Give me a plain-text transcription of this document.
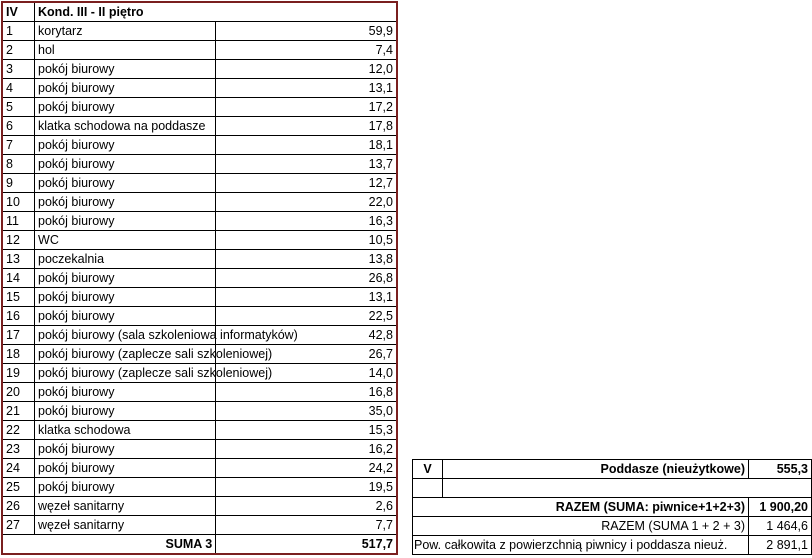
IV	Kond. III - II piętro	
1	korytarz	59,9
2	hol	7,4
3	pokój biurowy	12,0
4	pokój biurowy	13,1
5	pokój biurowy	17,2
6	klatka schodowa na poddasze	17,8
7	pokój biurowy	18,1
8	pokój biurowy	13,7
9	pokój biurowy	12,7
10	pokój biurowy	22,0
11	pokój biurowy	16,3
12	WC	10,5
13	poczekalnia	13,8
14	pokój biurowy	26,8
15	pokój biurowy	13,1
16	pokój biurowy	22,5
17	pokój biurowy (sala szkoleniowa informatyków)	42,8
18	pokój biurowy (zaplecze sali szkoleniowej)	26,7
19	pokój biurowy (zaplecze sali szkoleniowej)	14,0
20	pokój biurowy	16,8
21	pokój biurowy	35,0
22	klatka schodowa	15,3
23	pokój biurowy	16,2
24	pokój biurowy	24,2
25	pokój biurowy	19,5
26	węzeł sanitarny	2,6
27	węzeł sanitarny	7,7
SUMA 3		517,7
V	Poddasze (nieużytkowe)	555,3

RAZEM (SUMA: piwnice+1+2+3)		1 900,20
RAZEM (SUMA 1 + 2 + 3)		1 464,6
Pow. całkowita z powierzchnią piwnicy i poddasza nieuż.		2 891,1
